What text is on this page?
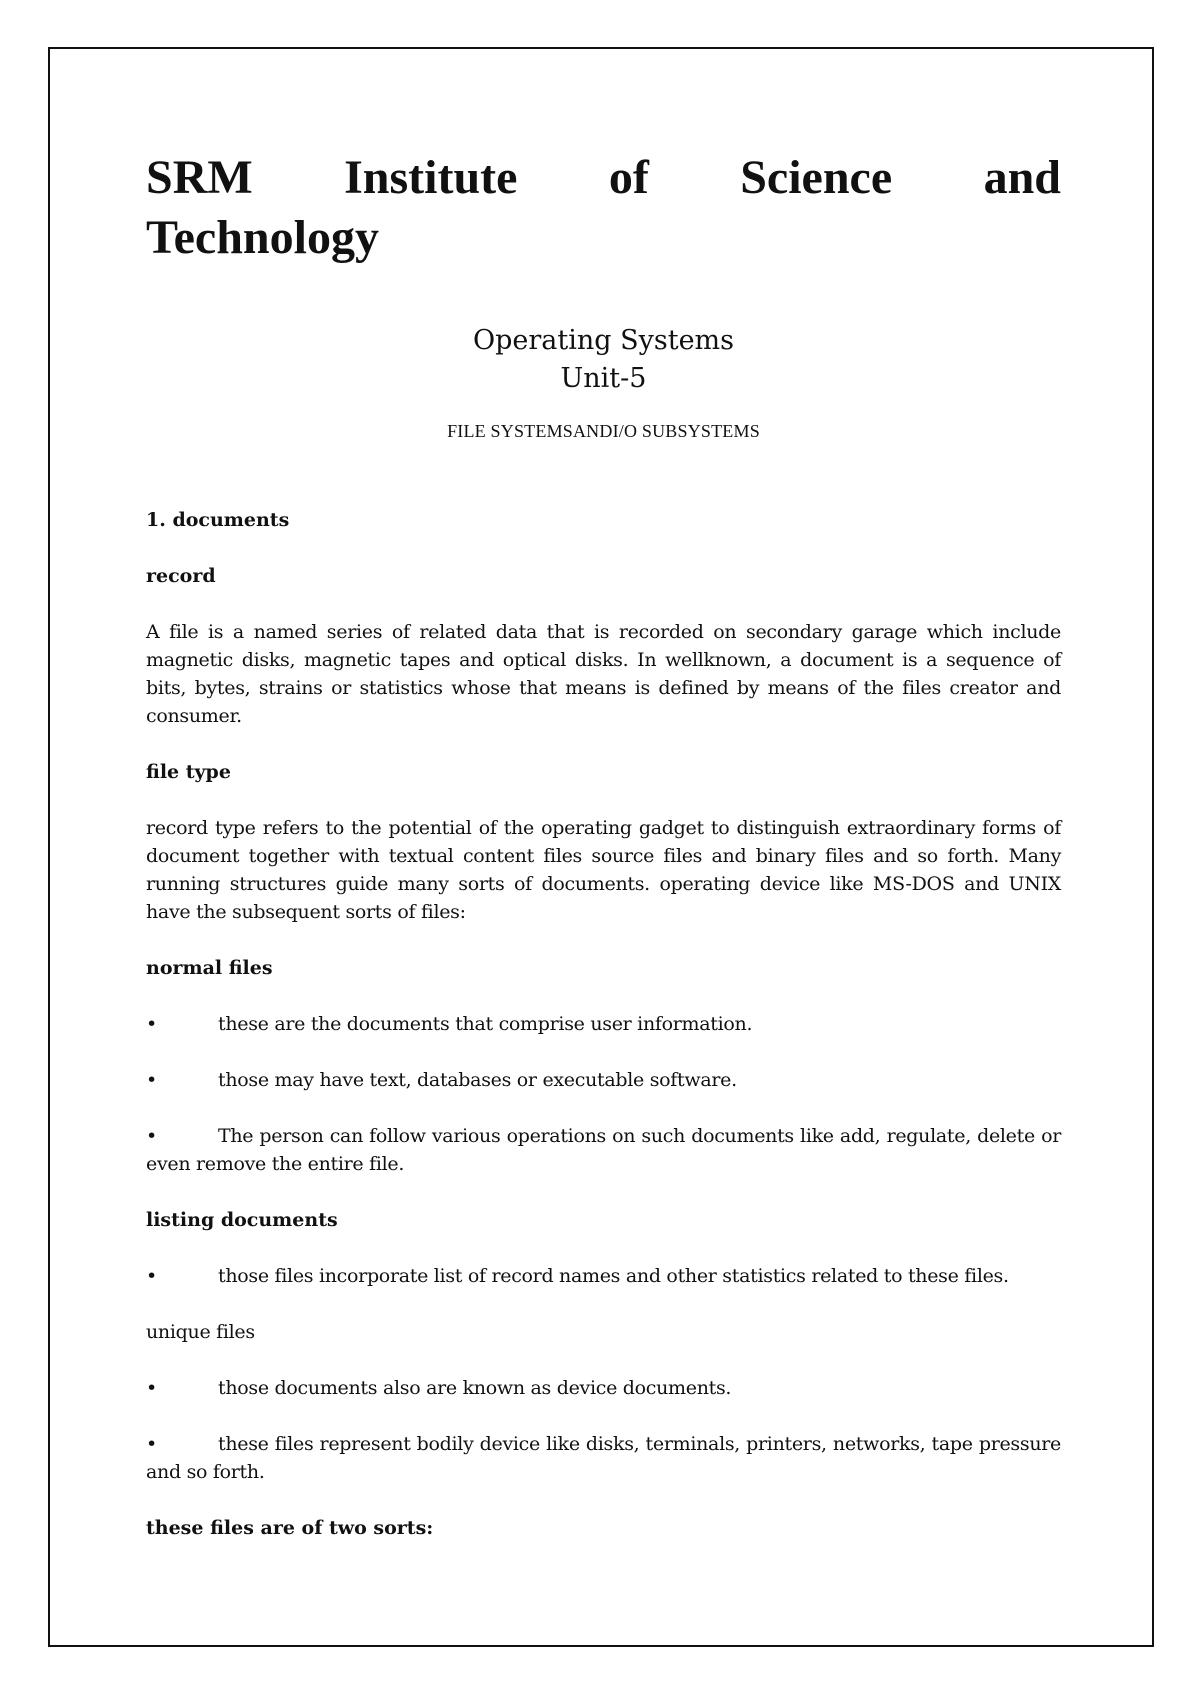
SRM Institute of Science and
Technology
Operating Systems
Unit-5
FILE SYSTEMSANDI/O SUBSYSTEMS
1. documents
record
A file is a named series of related data that is recorded on secondary garage which include magnetic disks, magnetic tapes and optical disks. In wellknown, a document is a sequence of bits, bytes, strains or statistics whose that means is defined by means of the files creator and consumer.
file type
record type refers to the potential of the operating gadget to distinguish extraordinary forms of document together with textual content files source files and binary files and so forth. Many running structures guide many sorts of documents. operating device like MS-DOS and UNIX have the subsequent sorts of files:
normal files
•	these are the documents that comprise user information.
•	those may have text, databases or executable software.
•	The person can follow various operations on such documents like add, regulate, delete or even remove the entire file.
listing documents
•	those files incorporate list of record names and other statistics related to these files.
unique files
•	those documents also are known as device documents.
•	these files represent bodily device like disks, terminals, printers, networks, tape pressure and so forth.
these files are of two sorts:
